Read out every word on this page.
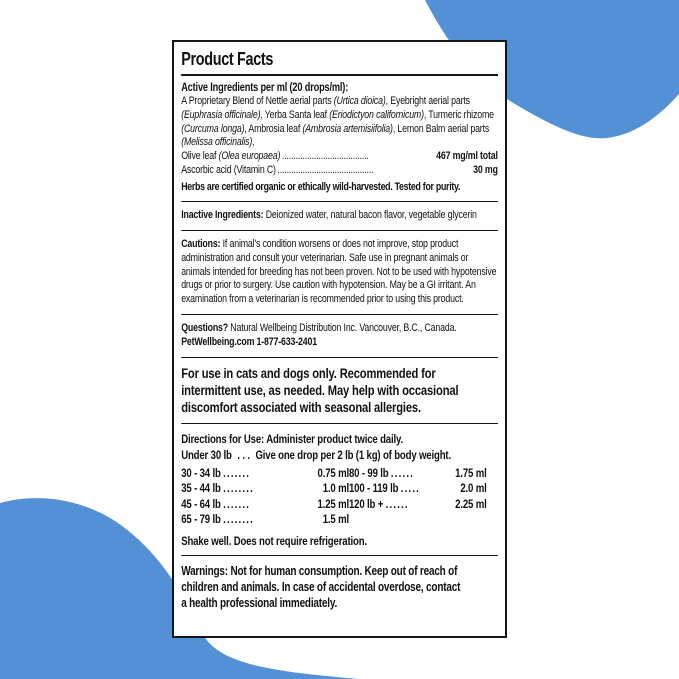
Product Facts
Active Ingredients per ml (20 drops/ml):

A Proprietary Blend of Nettle aerial parts (Urtica dioica), Eyebright aerial parts (Euphrasia officinale), Yerba Santa leaf (Eriodictyon californicum), Turmeric rhizome (Curcuma longa), Ambrosia leaf (Ambrosia artemisiifolia), Lemon Balm aerial parts (Melissa officinalis),

Olive leaf (Olea europaea) ......................................	467 mg/ml total
Ascorbic acid (Vitamin C) ..........................................	30 mg
Herbs are certified organic or ethically wild-harvested. Tested for purity.
Inactive Ingredients: Deionized water, natural bacon flavor, vegetable glycerin
Cautions: If animal's condition worsens or does not improve, stop product administration and consult your veterinarian. Safe use in pregnant animals or animals intended for breeding has not been proven. Not to be used with hypotensive drugs or prior to surgery. Use caution with hypotension. May be a GI irritant. An examination from a veterinarian is recommended prior to using this product.
Questions? Natural Wellbeing Distribution Inc. Vancouver, B.C., Canada.
PetWellbeing.com 1-877-633-2401
For use in cats and dogs only. Recommended for intermittent use, as needed. May help with occasional discomfort associated with seasonal allergies.
Directions for Use: Administer product twice daily.
Under 30 lb . . . Give one drop per 2 lb (1 kg) of body weight.
30 - 34 lb .......	0.75 ml
35 - 44 lb ........	1.0 ml
45 - 64 lb .......	1.25 ml
65 - 79 lb ........	1.5 ml
80 - 99 lb ......	1.75 ml
100 - 119 lb .....	2.0 ml
120 lb + ......	2.25 ml
Shake well. Does not require refrigeration.
Warnings: Not for human consumption. Keep out of reach of children and animals. In case of accidental overdose, contact a health professional immediately.
